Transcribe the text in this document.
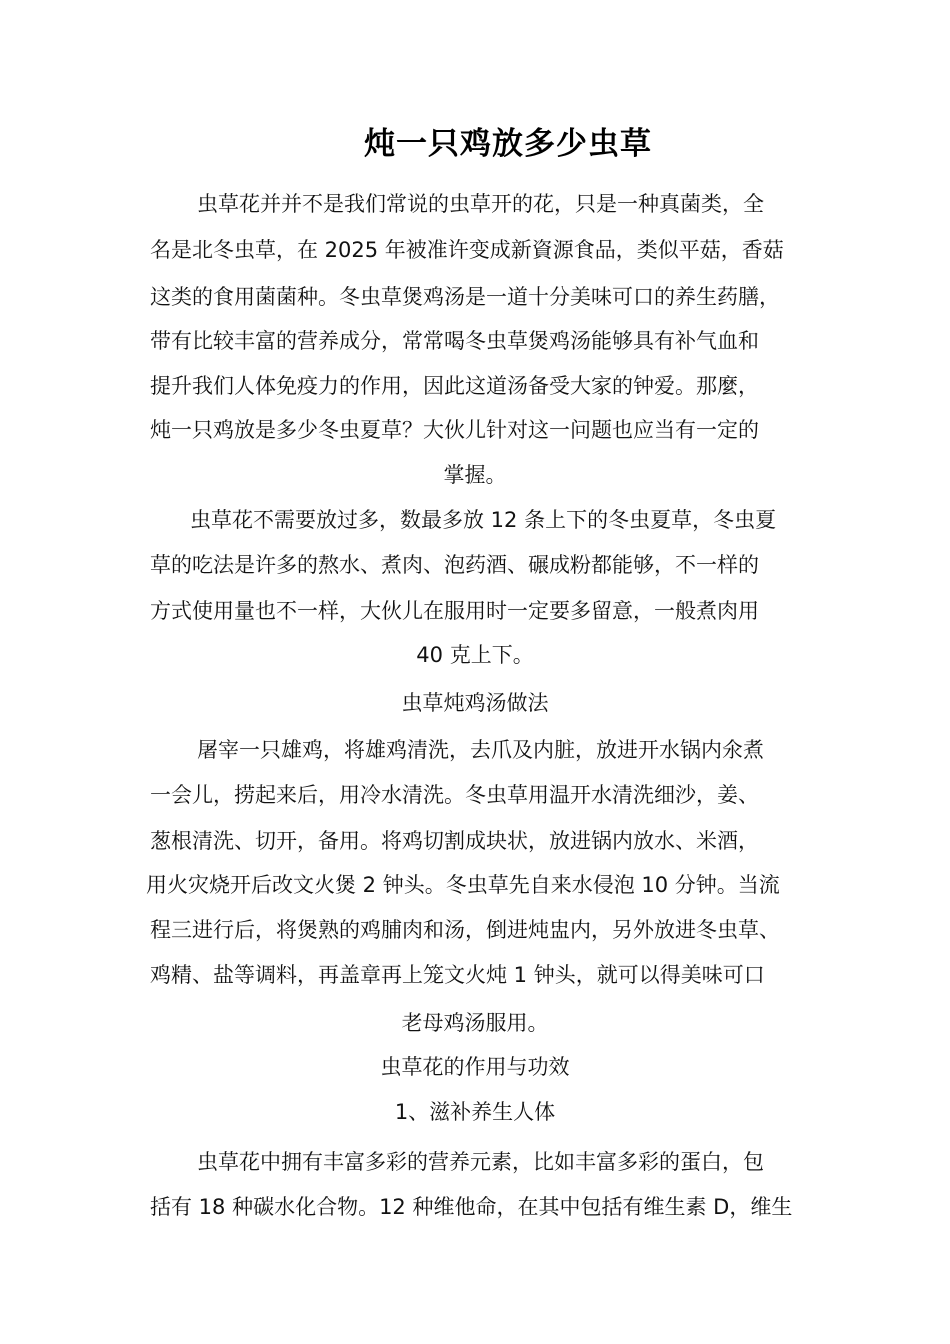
炖一只鸡放多少虫草
虫草花并并不是我们常说的虫草开的花，只是一种真菌类，全
名是北冬虫草，在 2025 年被准许变成新資源食品，类似平菇，香菇
这类的食用菌菌种。冬虫草煲鸡汤是一道十分美味可口的养生药膳，
带有比较丰富的营养成分，常常喝冬虫草煲鸡汤能够具有补气血和
提升我们人体免疫力的作用，因此这道汤备受大家的钟爱。那麼，
炖一只鸡放是多少冬虫夏草？大伙儿针对这一问题也应当有一定的
掌握。
虫草花不需要放过多，数最多放 12 条上下的冬虫夏草，冬虫夏
草的吃法是许多的熬水、煮肉、泡药酒、碾成粉都能够，不一样的
方式使用量也不一样，大伙儿在服用时一定要多留意，一般煮肉用
40 克上下。
虫草炖鸡汤做法
屠宰一只雄鸡，将雄鸡清洗，去爪及内脏，放进开水锅内氽煮
一会儿，捞起来后，用冷水清洗。冬虫草用温开水清洗细沙，姜、
葱根清洗、切开，备用。将鸡切割成块状，放进锅内放水、米酒，
用火灾烧开后改文火煲 2 钟头。冬虫草先自来水侵泡 10 分钟。当流
程三进行后，将煲熟的鸡脯肉和汤，倒进炖盅内，另外放进冬虫草、
鸡精、盐等调料，再盖章再上笼文火炖 1 钟头，就可以得美味可口
老母鸡汤服用。
虫草花的作用与功效
1、滋补养生人体
虫草花中拥有丰富多彩的营养元素，比如丰富多彩的蛋白，包
括有 18 种碳水化合物。12 种维他命，在其中包括有维生素 D，维生
